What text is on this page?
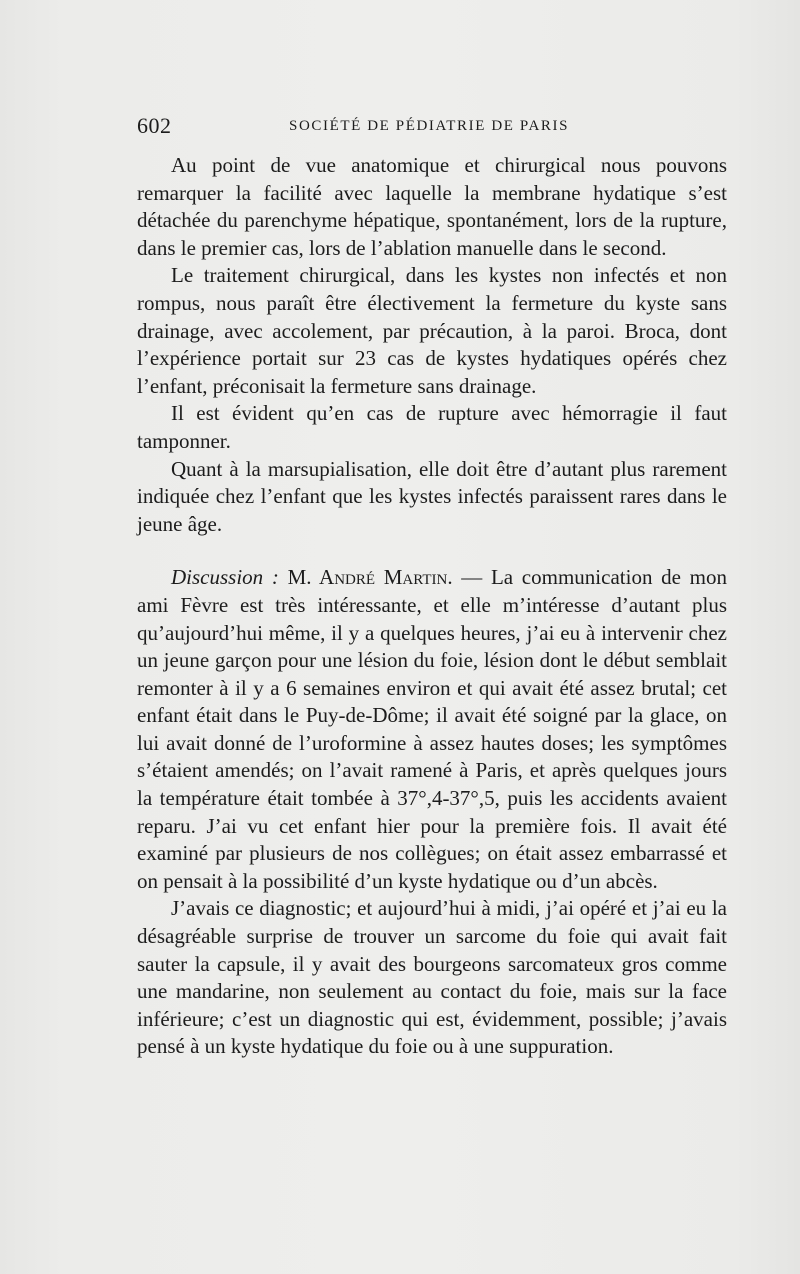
602	SOCIÉTÉ DE PÉDIATRIE DE PARIS

Au point de vue anatomique et chirurgical nous pouvons remarquer la facilité avec laquelle la membrane hydatique s’est détachée du parenchyme hépatique, spontanément, lors de la rupture, dans le premier cas, lors de l’ablation manuelle dans le second.

Le traitement chirurgical, dans les kystes non infectés et non rompus, nous paraît être électivement la fermeture du kyste sans drainage, avec accolement, par précaution, à la paroi. Broca, dont l’expérience portait sur 23 cas de kystes hydatiques opérés chez l’enfant, préconisait la fermeture sans drainage.

Il est évident qu’en cas de rupture avec hémorragie il faut tamponner.

Quant à la marsupialisation, elle doit être d’autant plus rarement indiquée chez l’enfant que les kystes infectés paraissent rares dans le jeune âge.

Discussion : M. André Martin. — La communication de mon ami Fèvre est très intéressante, et elle m’intéresse d’autant plus qu’aujourd’hui même, il y a quelques heures, j’ai eu à intervenir chez un jeune garçon pour une lésion du foie, lésion dont le début semblait remonter à il y a 6 semaines environ et qui avait été assez brutal; cet enfant était dans le Puy-de-Dôme; il avait été soigné par la glace, on lui avait donné de l’uroformine à assez hautes doses; les symptômes s’étaient amendés; on l’avait ramené à Paris, et après quelques jours la température était tombée à 37°,4-37°,5, puis les accidents avaient reparu. J’ai vu cet enfant hier pour la première fois. Il avait été examiné par plusieurs de nos collègues; on était assez embarrassé et on pensait à la possibilité d’un kyste hydatique ou d’un abcès.

J’avais ce diagnostic; et aujourd’hui à midi, j’ai opéré et j’ai eu la désagréable surprise de trouver un sarcome du foie qui avait fait sauter la capsule, il y avait des bourgeons sarcomateux gros comme une mandarine, non seulement au contact du foie, mais sur la face inférieure; c’est un diagnostic qui est, évidemment, possible; j’avais pensé à un kyste hydatique du foie ou à une suppuration.
